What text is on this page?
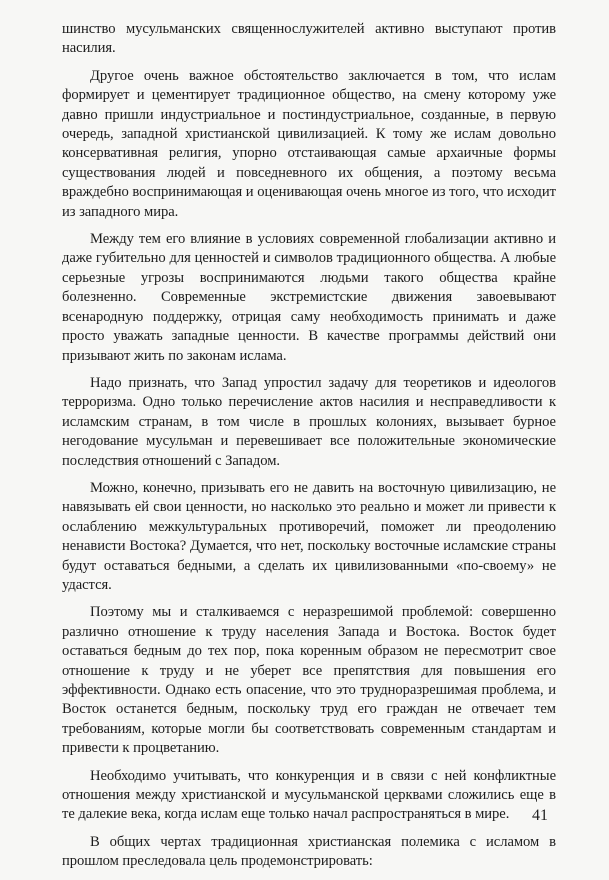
шинство мусульманских священнослужителей активно выступают против насилия.

Другое очень важное обстоятельство заключается в том, что ислам формирует и цементирует традиционное общество, на смену которому уже давно пришли индустриальное и постиндустриальное, созданные, в первую очередь, западной христианской цивилизацией. К тому же ислам довольно консервативная религия, упорно отстаивающая самые архаичные формы существования людей и повседневного их общения, а поэтому весьма враждебно воспринимающая и оценивающая очень многое из того, что исходит из западного мира.

Между тем его влияние в условиях современной глобализации активно и даже губительно для ценностей и символов традиционного общества. А любые серьезные угрозы воспринимаются людьми такого общества крайне болезненно. Современные экстремистские движения завоевывают всенародную поддержку, отрицая саму необходимость принимать и даже просто уважать западные ценности. В качестве программы действий они призывают жить по законам ислама.

Надо признать, что Запад упростил задачу для теоретиков и идеологов терроризма. Одно только перечисление актов насилия и несправедливости к исламским странам, в том числе в прошлых колониях, вызывает бурное негодование мусульман и перевешивает все положительные экономические последствия отношений с Западом.

Можно, конечно, призывать его не давить на восточную цивилизацию, не навязывать ей свои ценности, но насколько это реально и может ли привести к ослаблению межкультуральных противоречий, поможет ли преодолению ненависти Востока? Думается, что нет, поскольку восточные исламские страны будут оставаться бедными, а сделать их цивилизованными «по-своему» не удастся.

Поэтому мы и сталкиваемся с неразрешимой проблемой: совершенно различно отношение к труду населения Запада и Востока. Восток будет оставаться бедным до тех пор, пока коренным образом не пересмотрит свое отношение к труду и не уберет все препятствия для повышения его эффективности. Однако есть опасение, что это трудноразрешимая проблема, и Восток останется бедным, поскольку труд его граждан не отвечает тем требованиям, которые могли бы соответствовать современным стандартам и привести к процветанию.

Необходимо учитывать, что конкуренция и в связи с ней конфликтные отношения между христианской и мусульманской церквами сложились еще в те далекие века, когда ислам еще только начал распространяться в мире.

В общих чертах традиционная христианская полемика с исламом в прошлом преследовала цель продемонстрировать:

41
